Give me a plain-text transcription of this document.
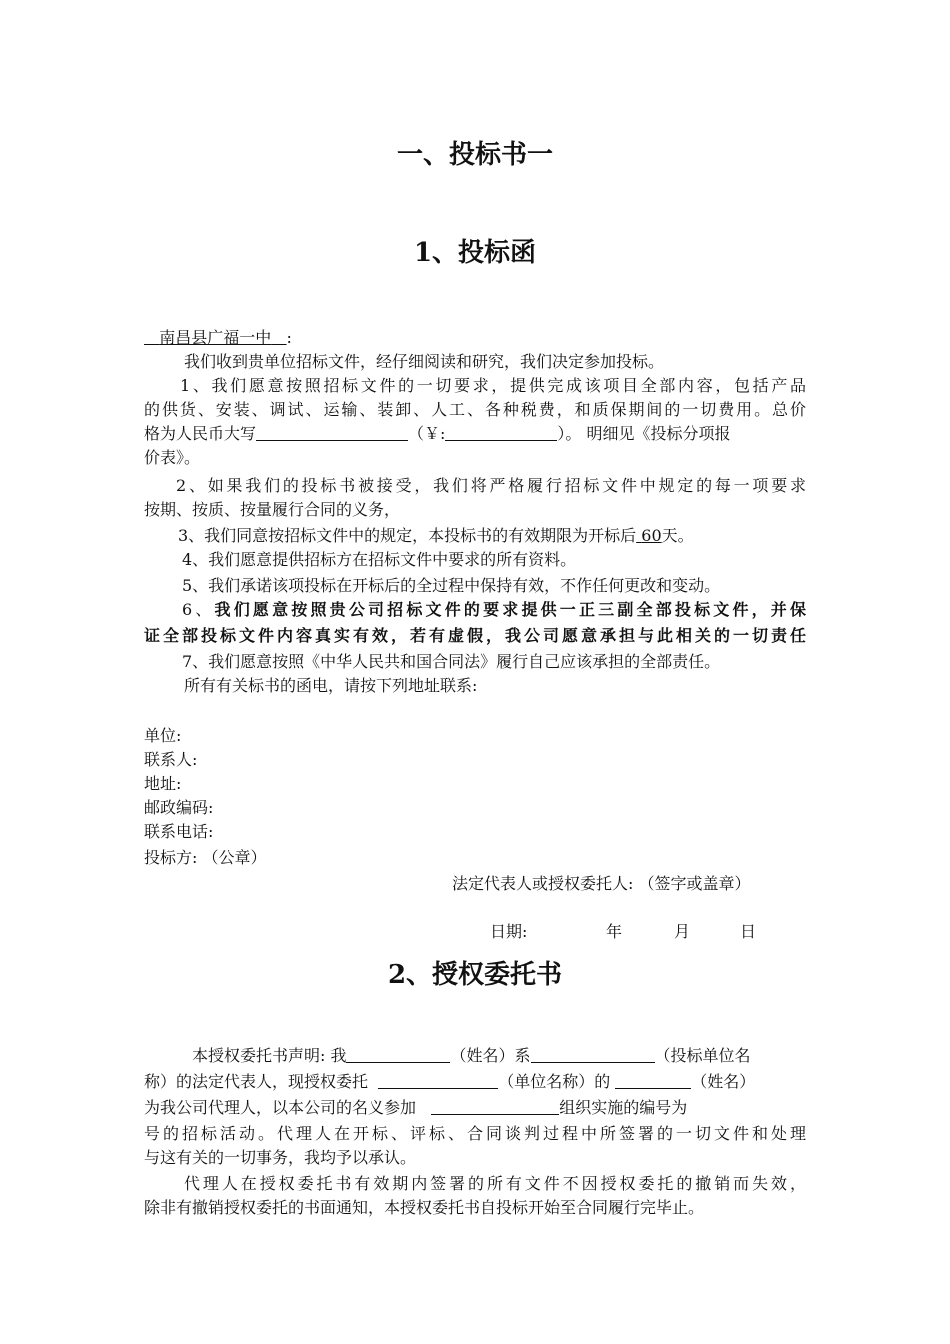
一、投标书一
1、投标函
南昌县广福一中 :
我们收到贵单位招标文件，经仔细阅读和研究，我们决定参加投标。
1、我们愿意按照招标文件的一切要求，提供完成该项目全部内容，包括产品
的供货、安装、调试、运输、装卸、人工、各种税费，和质保期间的一切费用。总价
格为人民币大写	（￥:	）。 明细见《投标分项报
价表》。
2、如果我们的投标书被接受，我们将严格履行招标文件中规定的每一项要求
按期、按质、按量履行合同的义务，
3、我们同意按招标文件中的规定，本投标书的有效期限为开标后 60天。
4、我们愿意提供招标方在招标文件中要求的所有资料。
5、我们承诺该项投标在开标后的全过程中保持有效，不作任何更改和变动。
6、我们愿意按照贵公司招标文件的要求提供一正三副全部投标文件，并保
证全部投标文件内容真实有效，若有虚假，我公司愿意承担与此相关的一切责任
7、我们愿意按照《中华人民共和国合同法》履行自己应该承担的全部责任。
所有有关标书的函电，请按下列地址联系:
单位:
联系人:
地址:
邮政编码:
联系电话:
投标方: （公章）
法定代表人或授权委托人: （签字或盖章）
日期:	年	月	日
2、授权委托书
本授权委托书声明: 我	（姓名）系	（投标单位名
称）的法定代表人，现授权委托	（单位名称）的	（姓名）
为我公司代理人，以本公司的名义参加	组织实施的编号为
号的招标活动。代理人在开标、评标、合同谈判过程中所签署的一切文件和处理
与这有关的一切事务，我均予以承认。
代理人在授权委托书有效期内签署的所有文件不因授权委托的撤销而失效，
除非有撤销授权委托的书面通知，本授权委托书自投标开始至合同履行完毕止。
